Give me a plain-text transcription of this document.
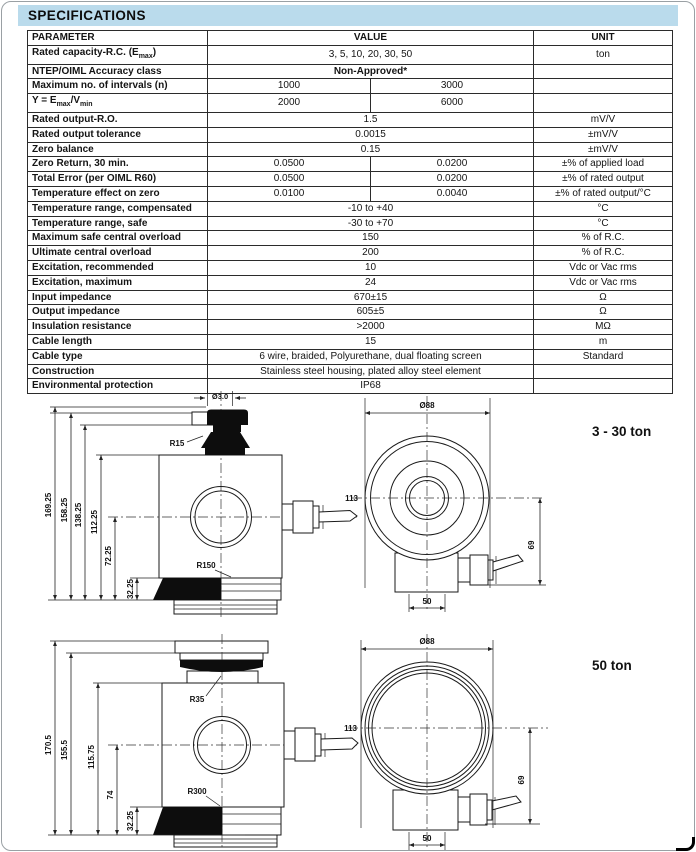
SPECIFICATIONS
PARAMETER	VALUE		UNIT
Rated capacity-R.C. $(E_{max})$	3, 5, 10, 20, 30, 50		ton
NTEP/OIML Accuracy class	Non-Approved*		
Maximum no. of intervals (n)	1000	3000	
$Y = E_{max}/V_{min}$	2000	6000	
Rated output-R.O.	1.5		mV/V
Rated output tolerance	0.0015		±mV/V
Zero balance	0.15		±mV/V
Zero Return, 30 min.	0.0500	0.0200	±% of applied load
Total Error (per OIML R60)	0.0500	0.0200	±% of rated output
Temperature effect on zero	0.0100	0.0040	±% of rated output/°C
Temperature range, compensated	-10 to +40		°C
Temperature range, safe	-30 to +70		°C
Maximum safe central overload	150		% of R.C.
Ultimate central overload	200		% of R.C.
Excitation, recommended	10		Vdc or Vac rms
Excitation, maximum	24		Vdc or Vac rms
Input impedance	670±15		Ω
Output impedance	605±5		Ω
Insulation resistance	>2000		MΩ
Cable length	15		m
Cable type	6 wire, braided, Polyurethane, dual floating screen		Standard
Construction	Stainless steel housing, plated alloy steel element		
Environmental protection	IP68		
Ø3.0
169.25 158.25 138.25 112.25
72.25
32.25
R15
R150
Ø88
113
69
50
170.5 155.5 115.75
74
32.25
R35
R300
Ø88
113
69
50
3 - 30 ton
50 ton
